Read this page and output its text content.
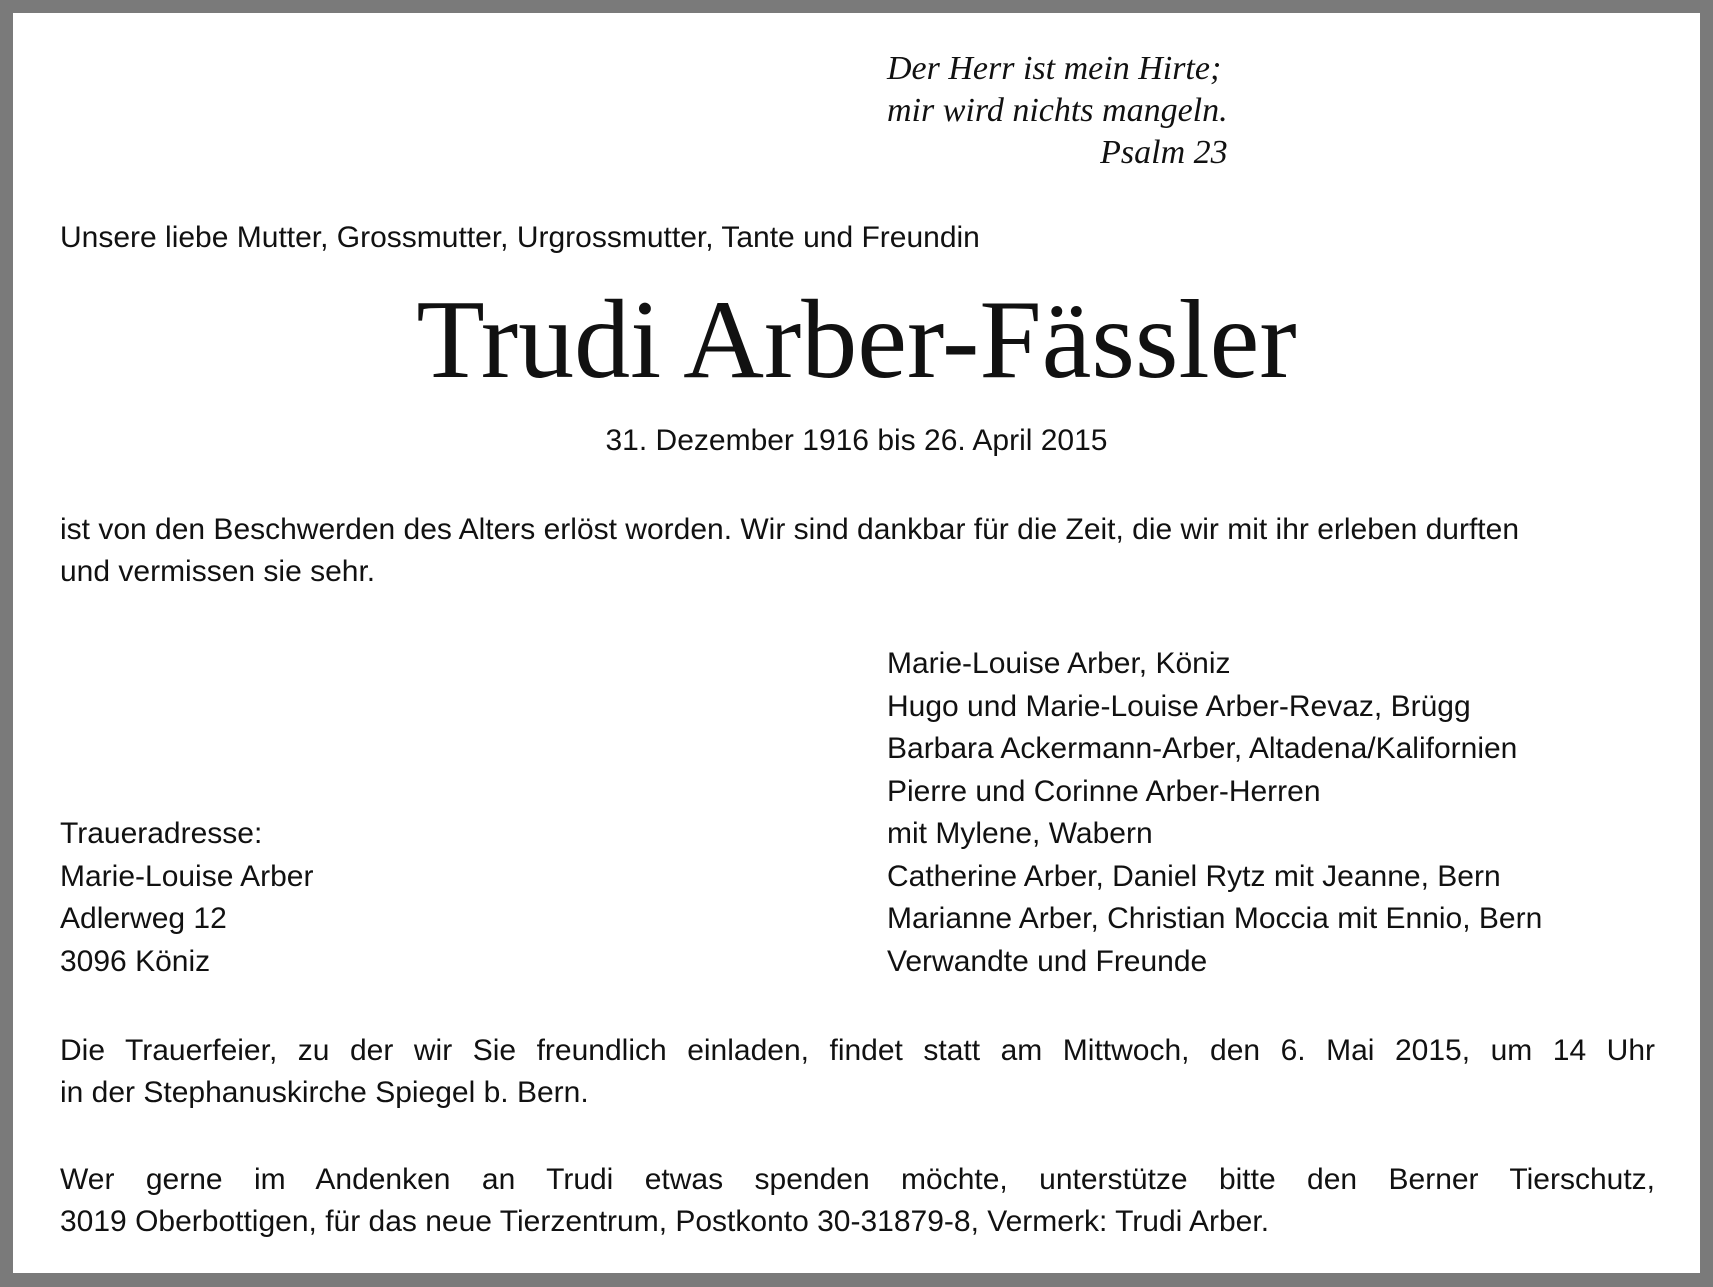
Der Herr ist mein Hirte;
mir wird nichts mangeln.
Psalm 23
Unsere liebe Mutter, Grossmutter, Urgrossmutter, Tante und Freundin
Trudi Arber-Fässler
31. Dezember 1916 bis 26. April 2015
ist von den Beschwerden des Alters erlöst worden. Wir sind dankbar für die Zeit, die wir mit ihr erleben durften
und vermissen sie sehr.
Marie-Louise Arber, Köniz
Hugo und Marie-Louise Arber-Revaz, Brügg
Barbara Ackermann-Arber, Altadena/Kalifornien
Pierre und Corinne Arber-Herren
mit Mylene, Wabern
Catherine Arber, Daniel Rytz mit Jeanne, Bern
Marianne Arber, Christian Moccia mit Ennio, Bern
Verwandte und Freunde
Traueradresse:
Marie-Louise Arber
Adlerweg 12
3096 Köniz
Die Trauerfeier, zu der wir Sie freundlich einladen, findet statt am Mittwoch, den 6. Mai 2015, um 14 Uhr
in der Stephanuskirche Spiegel b. Bern.
Wer gerne im Andenken an Trudi etwas spenden möchte, unterstütze bitte den Berner Tierschutz,
3019 Oberbottigen, für das neue Tierzentrum, Postkonto 30-31879-8, Vermerk: Trudi Arber.
